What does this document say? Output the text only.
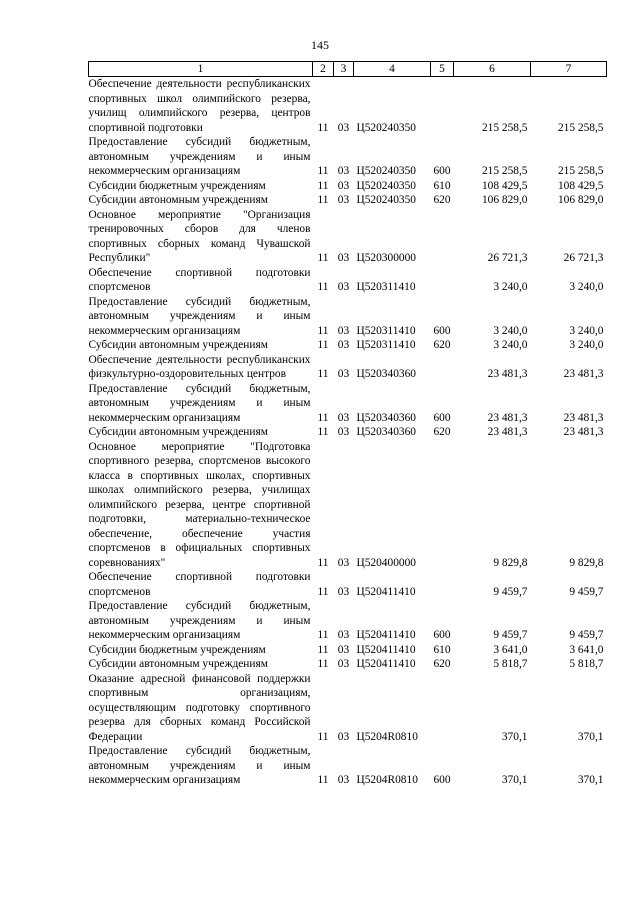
145
1	2	3	4	5	6	7
Обеспечение деятельности республиканских спортивных школ олимпийского резерва, училищ олимпийского резерва, центров спортивной подготовки	11	03	Ц520240350		215 258,5	215 258,5
Предоставление субсидий бюджетным, автономным учреждениям и иным некоммерческим организациям	11	03	Ц520240350	600	215 258,5	215 258,5
Субсидии бюджетным учреждениям	11	03	Ц520240350	610	108 429,5	108 429,5
Субсидии автономным учреждениям	11	03	Ц520240350	620	106 829,0	106 829,0
Основное мероприятие "Организация тренировочных сборов для членов спортивных сборных команд Чувашской Республики"	11	03	Ц520300000		26 721,3	26 721,3
Обеспечение спортивной подготовки спортсменов	11	03	Ц520311410		3 240,0	3 240,0
Предоставление субсидий бюджетным, автономным учреждениям и иным некоммерческим организациям	11	03	Ц520311410	600	3 240,0	3 240,0
Субсидии автономным учреждениям	11	03	Ц520311410	620	3 240,0	3 240,0
Обеспечение деятельности республиканских физкультурно-оздоровительных центров	11	03	Ц520340360		23 481,3	23 481,3
Предоставление субсидий бюджетным, автономным учреждениям и иным некоммерческим организациям	11	03	Ц520340360	600	23 481,3	23 481,3
Субсидии автономным учреждениям	11	03	Ц520340360	620	23 481,3	23 481,3
Основное мероприятие "Подготовка спортивного резерва, спортсменов высокого класса в спортивных школах, спортивных школах олимпийского резерва, училищах олимпийского резерва, центре спортивной подготовки, материально-техническое обеспечение, обеспечение участия спортсменов в официальных спортивных соревнованиях"	11	03	Ц520400000		9 829,8	9 829,8
Обеспечение спортивной подготовки спортсменов	11	03	Ц520411410		9 459,7	9 459,7
Предоставление субсидий бюджетным, автономным учреждениям и иным некоммерческим организациям	11	03	Ц520411410	600	9 459,7	9 459,7
Субсидии бюджетным учреждениям	11	03	Ц520411410	610	3 641,0	3 641,0
Субсидии автономным учреждениям	11	03	Ц520411410	620	5 818,7	5 818,7
Оказание адресной финансовой поддержки спортивным организациям, осуществляющим подготовку спортивного резерва для сборных команд Российской Федерации	11	03	Ц5204R0810		370,1	370,1
Предоставление субсидий бюджетным, автономным учреждениям и иным некоммерческим организациям	11	03	Ц5204R0810	600	370,1	370,1
